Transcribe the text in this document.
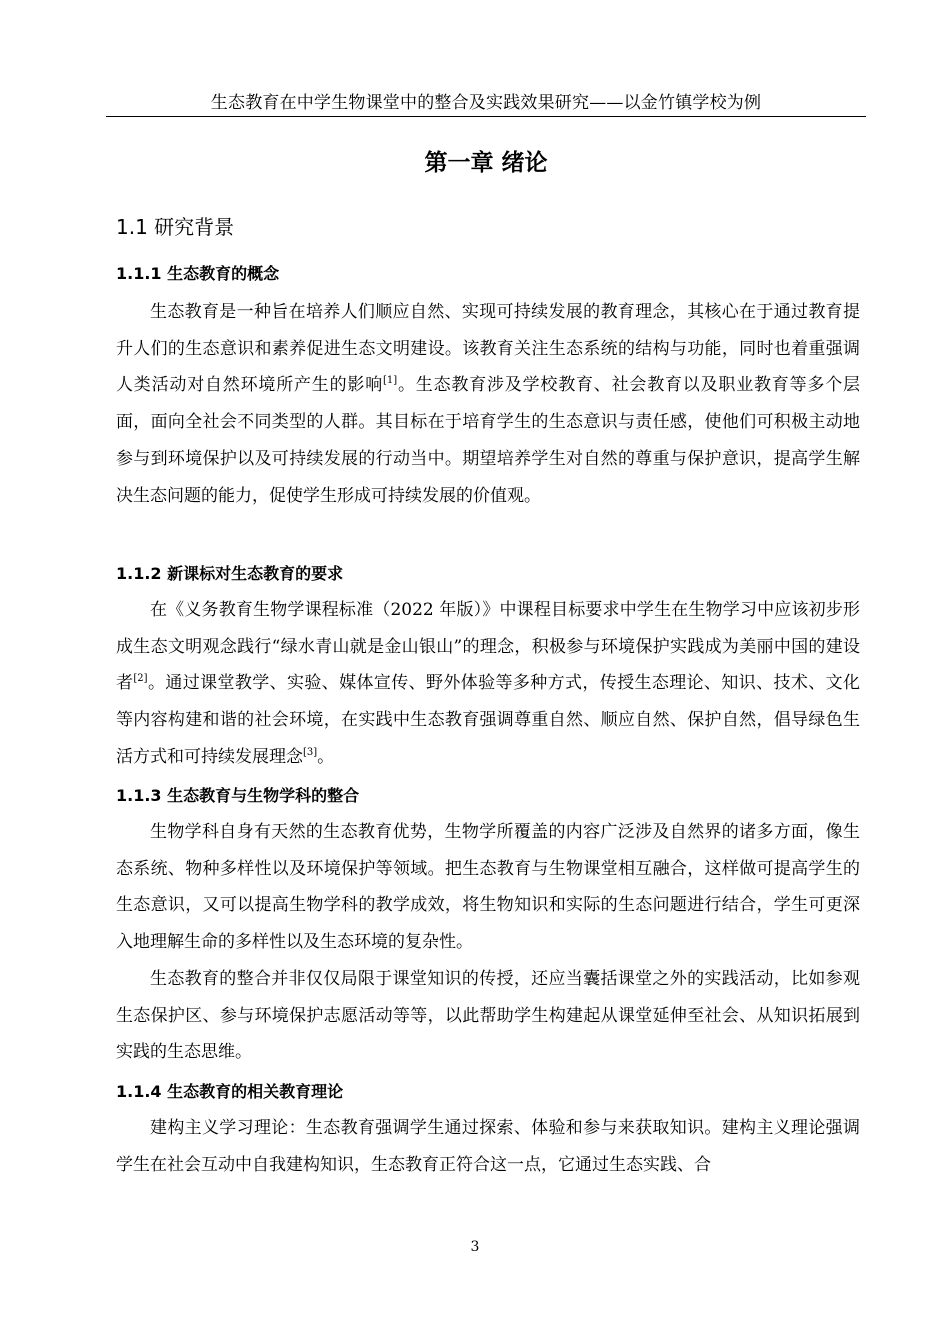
生态教育在中学生物课堂中的整合及实践效果研究——以金竹镇学校为例
第一章 绪论
1.1 研究背景
1.1.1 生态教育的概念

生态教育是一种旨在培养人们顺应自然、实现可持续发展的教育理念，其核心在于通过教育提升人们的生态意识和素养促进生态文明建设。该教育关注生态系统的结构与功能，同时也着重强调人类活动对自然环境所产生的影响[1]。生态教育涉及学校教育、社会教育以及职业教育等多个层面，面向全社会不同类型的人群。其目标在于培育学生的生态意识与责任感，使他们可积极主动地参与到环境保护以及可持续发展的行动当中。期望培养学生对自然的尊重与保护意识，提高学生解决生态问题的能力，促使学生形成可持续发展的价值观。

1.1.2 新课标对生态教育的要求

在《义务教育生物学课程标准（2022 年版）》中课程目标要求中学生在生物学习中应该初步形成生态文明观念践行“绿水青山就是金山银山”的理念，积极参与环境保护实践成为美丽中国的建设者[2]。通过课堂教学、实验、媒体宣传、野外体验等多种方式，传授生态理论、知识、技术、文化等内容构建和谐的社会环境，在实践中生态教育强调尊重自然、顺应自然、保护自然，倡导绿色生活方式和可持续发展理念[3]。

1.1.3 生态教育与生物学科的整合

生物学科自身有天然的生态教育优势，生物学所覆盖的内容广泛涉及自然界的诸多方面，像生态系统、物种多样性以及环境保护等领域。把生态教育与生物课堂相互融合，这样做可提高学生的生态意识，又可以提高生物学科的教学成效，将生物知识和实际的生态问题进行结合，学生可更深入地理解生命的多样性以及生态环境的复杂性。

生态教育的整合并非仅仅局限于课堂知识的传授，还应当囊括课堂之外的实践活动，比如参观生态保护区、参与环境保护志愿活动等等，以此帮助学生构建起从课堂延伸至社会、从知识拓展到实践的生态思维。

1.1.4 生态教育的相关教育理论

建构主义学习理论：生态教育强调学生通过探索、体验和参与来获取知识。建构主义理论强调学生在社会互动中自我建构知识，生态教育正符合这一点，它通过生态实践、合

3
